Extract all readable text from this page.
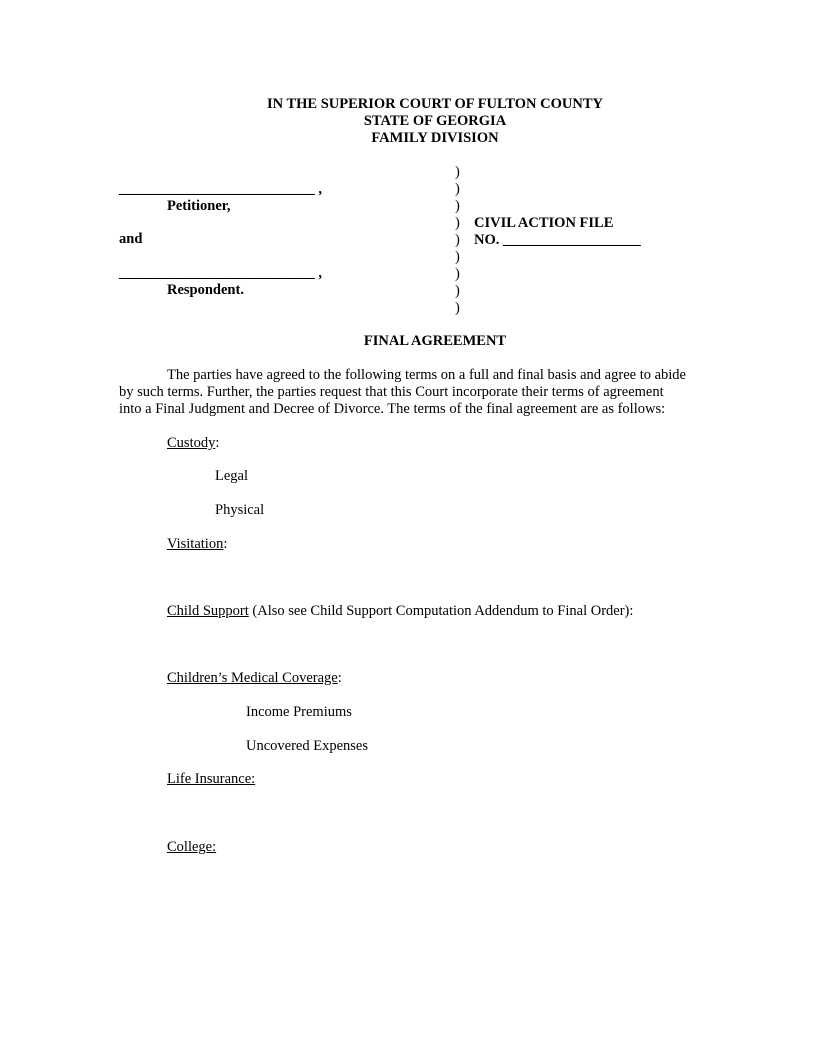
IN THE SUPERIOR COURT OF FULTON COUNTY
STATE OF GEORGIA
FAMILY DIVISION
___________________________ ,
Petitioner,
and
___________________________ ,
Respondent.
)
)
)
)
)
)
)
)
)
CIVIL ACTION FILE
NO. ___________________
FINAL AGREEMENT
The parties have agreed to the following terms on a full and final basis and agree to abide
by such terms. Further, the parties request that this Court incorporate their terms of agreement
into a Final Judgment and Decree of Divorce. The terms of the final agreement are as follows:
Custody:
Legal
Physical
Visitation:
Child Support (Also see Child Support Computation Addendum to Final Order):
Children’s Medical Coverage:
Income Premiums
Uncovered Expenses
Life Insurance:
College:
